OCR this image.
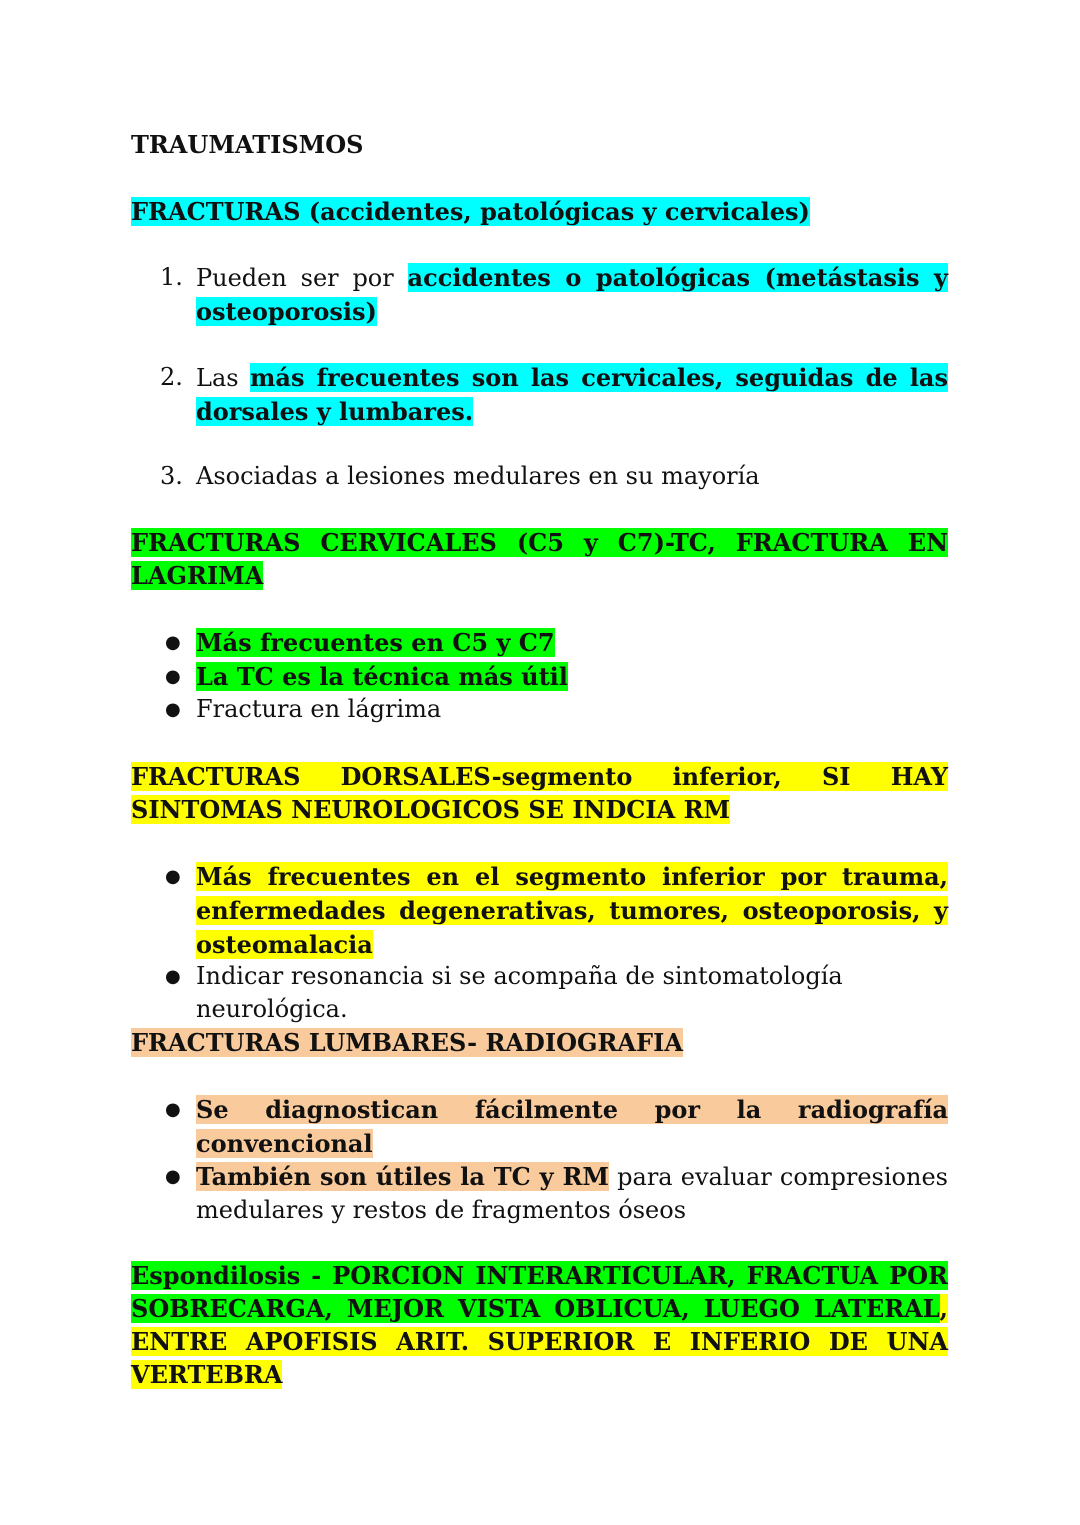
TRAUMATISMOS
FRACTURAS (accidentes, patológicas y cervicales)
1. Pueden ser por accidentes o patológicas (metástasis y osteoporosis)
2. Las más frecuentes son las cervicales, seguidas de las dorsales y lumbares.
3. Asociadas a lesiones medulares en su mayoría
FRACTURAS CERVICALES (C5 y C7)-TC, FRACTURA EN LAGRIMA
● Más frecuentes en C5 y C7
● La TC es la técnica más útil
● Fractura en lágrima
FRACTURAS DORSALES-segmento inferior, SI HAY SINTOMAS NEUROLOGICOS SE INDCIA RM
● Más frecuentes en el segmento inferior por trauma, enfermedades degenerativas, tumores, osteoporosis, y osteomalacia
● Indicar resonancia si se acompaña de sintomatología neurológica.
FRACTURAS LUMBARES- RADIOGRAFIA
● Se diagnostican fácilmente por la radiografía convencional
● También son útiles la TC y RM para evaluar compresiones medulares y restos de fragmentos óseos
Espondilosis - PORCION INTERARTICULAR, FRACTUA POR SOBRECARGA, MEJOR VISTA OBLICUA, LUEGO LATERAL, ENTRE APOFISIS ARIT. SUPERIOR E INFERIO DE UNA VERTEBRA
